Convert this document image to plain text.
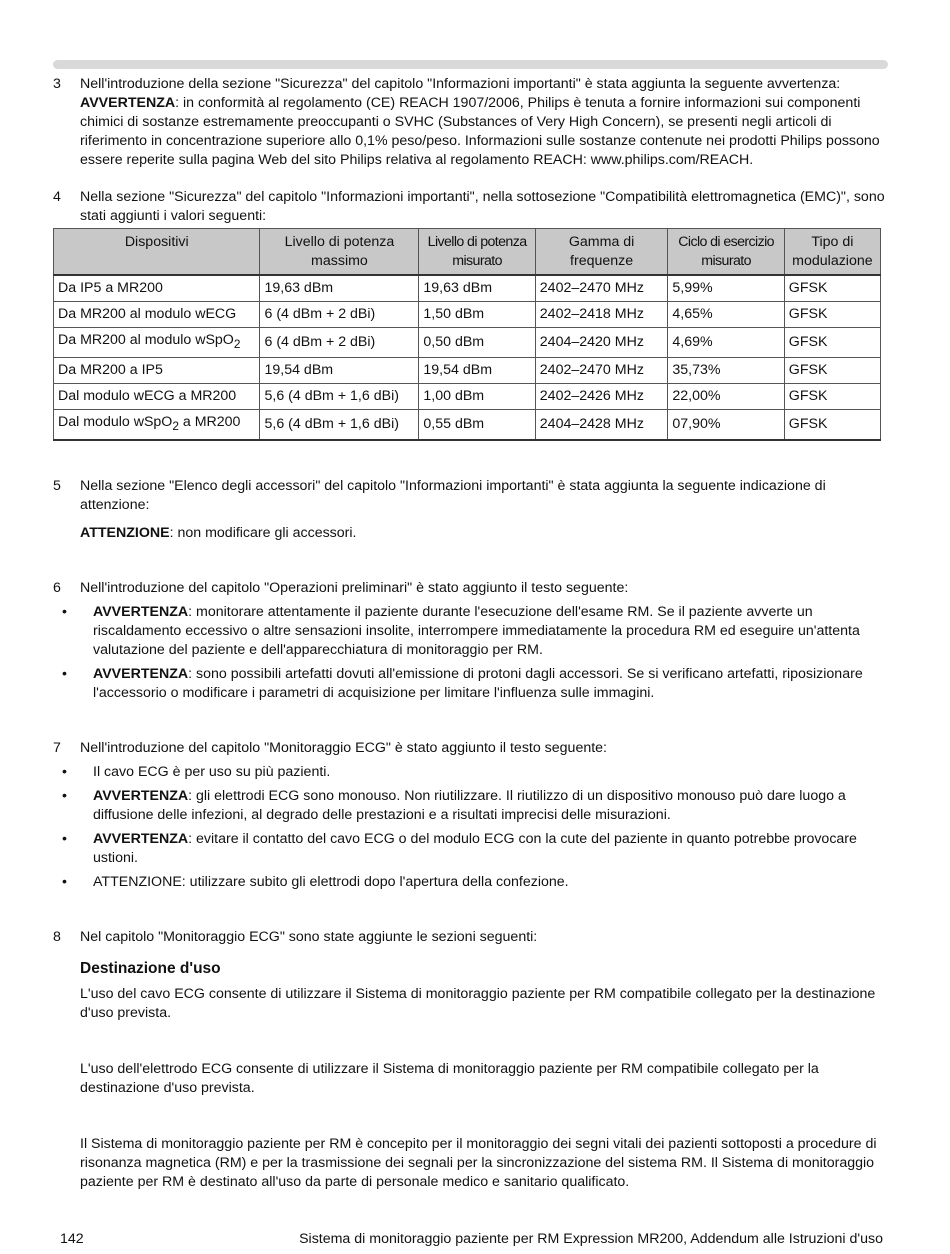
3 Nell'introduzione della sezione "Sicurezza" del capitolo "Informazioni importanti" è stata aggiunta la seguente avvertenza:
AVVERTENZA: in conformità al regolamento (CE) REACH 1907/2006, Philips è tenuta a fornire informazioni sui componenti chimici di sostanze estremamente preoccupanti o SVHC (Substances of Very High Concern), se presenti negli articoli di riferimento in concentrazione superiore allo 0,1% peso/peso. Informazioni sulle sostanze contenute nei prodotti Philips possono essere reperite sulla pagina Web del sito Philips relativa al regolamento REACH: www.philips.com/REACH.
4 Nella sezione "Sicurezza" del capitolo "Informazioni importanti", nella sottosezione "Compatibilità elettromagnetica (EMC)", sono stati aggiunti i valori seguenti:
Dispositivi	Livello di potenza massimo	Livello di potenza misurato	Gamma di frequenze	Ciclo di esercizio misurato	Tipo di modulazione
Da IP5 a MR200	19,63 dBm	19,63 dBm	2402–2470 MHz	5,99%	GFSK
Da MR200 al modulo wECG	6 (4 dBm + 2 dBi)	1,50 dBm	2402–2418 MHz	4,65%	GFSK
Da MR200 al modulo wSpO$_2$	6 (4 dBm + 2 dBi)	0,50 dBm	2404–2420 MHz	4,69%	GFSK
Da MR200 a IP5	19,54 dBm	19,54 dBm	2402–2470 MHz	35,73%	GFSK
Dal modulo wECG a MR200	5,6 (4 dBm + 1,6 dBi)	1,00 dBm	2402–2426 MHz	22,00%	GFSK
Dal modulo wSpO$_2$ a MR200	5,6 (4 dBm + 1,6 dBi)	0,55 dBm	2404–2428 MHz	07,90%	GFSK
5 Nella sezione "Elenco degli accessori" del capitolo "Informazioni importanti" è stata aggiunta la seguente indicazione di attenzione:
ATTENZIONE: non modificare gli accessori.
6 Nell'introduzione del capitolo "Operazioni preliminari" è stato aggiunto il testo seguente:
• AVVERTENZA: monitorare attentamente il paziente durante l'esecuzione dell'esame RM. Se il paziente avverte un riscaldamento eccessivo o altre sensazioni insolite, interrompere immediatamente la procedura RM ed eseguire un'attenta valutazione del paziente e dell'apparecchiatura di monitoraggio per RM.
• AVVERTENZA: sono possibili artefatti dovuti all'emissione di protoni dagli accessori. Se si verificano artefatti, riposizionare l'accessorio o modificare i parametri di acquisizione per limitare l'influenza sulle immagini.
7 Nell'introduzione del capitolo "Monitoraggio ECG" è stato aggiunto il testo seguente:
• Il cavo ECG è per uso su più pazienti.
• AVVERTENZA: gli elettrodi ECG sono monouso. Non riutilizzare. Il riutilizzo di un dispositivo monouso può dare luogo a diffusione delle infezioni, al degrado delle prestazioni e a risultati imprecisi delle misurazioni.
• AVVERTENZA: evitare il contatto del cavo ECG o del modulo ECG con la cute del paziente in quanto potrebbe provocare ustioni.
• ATTENZIONE: utilizzare subito gli elettrodi dopo l'apertura della confezione.
8 Nel capitolo "Monitoraggio ECG" sono state aggiunte le sezioni seguenti:
Destinazione d'uso

L'uso del cavo ECG consente di utilizzare il Sistema di monitoraggio paziente per RM compatibile collegato per la destinazione d'uso prevista.

L'uso dell'elettrodo ECG consente di utilizzare il Sistema di monitoraggio paziente per RM compatibile collegato per la destinazione d'uso prevista.

Il Sistema di monitoraggio paziente per RM è concepito per il monitoraggio dei segni vitali dei pazienti sottoposti a procedure di risonanza magnetica (RM) e per la trasmissione dei segnali per la sincronizzazione del sistema RM. Il Sistema di monitoraggio paziente per RM è destinato all'uso da parte di personale medico e sanitario qualificato.

142	Sistema di monitoraggio paziente per RM Expression MR200, Addendum alle Istruzioni d'uso
